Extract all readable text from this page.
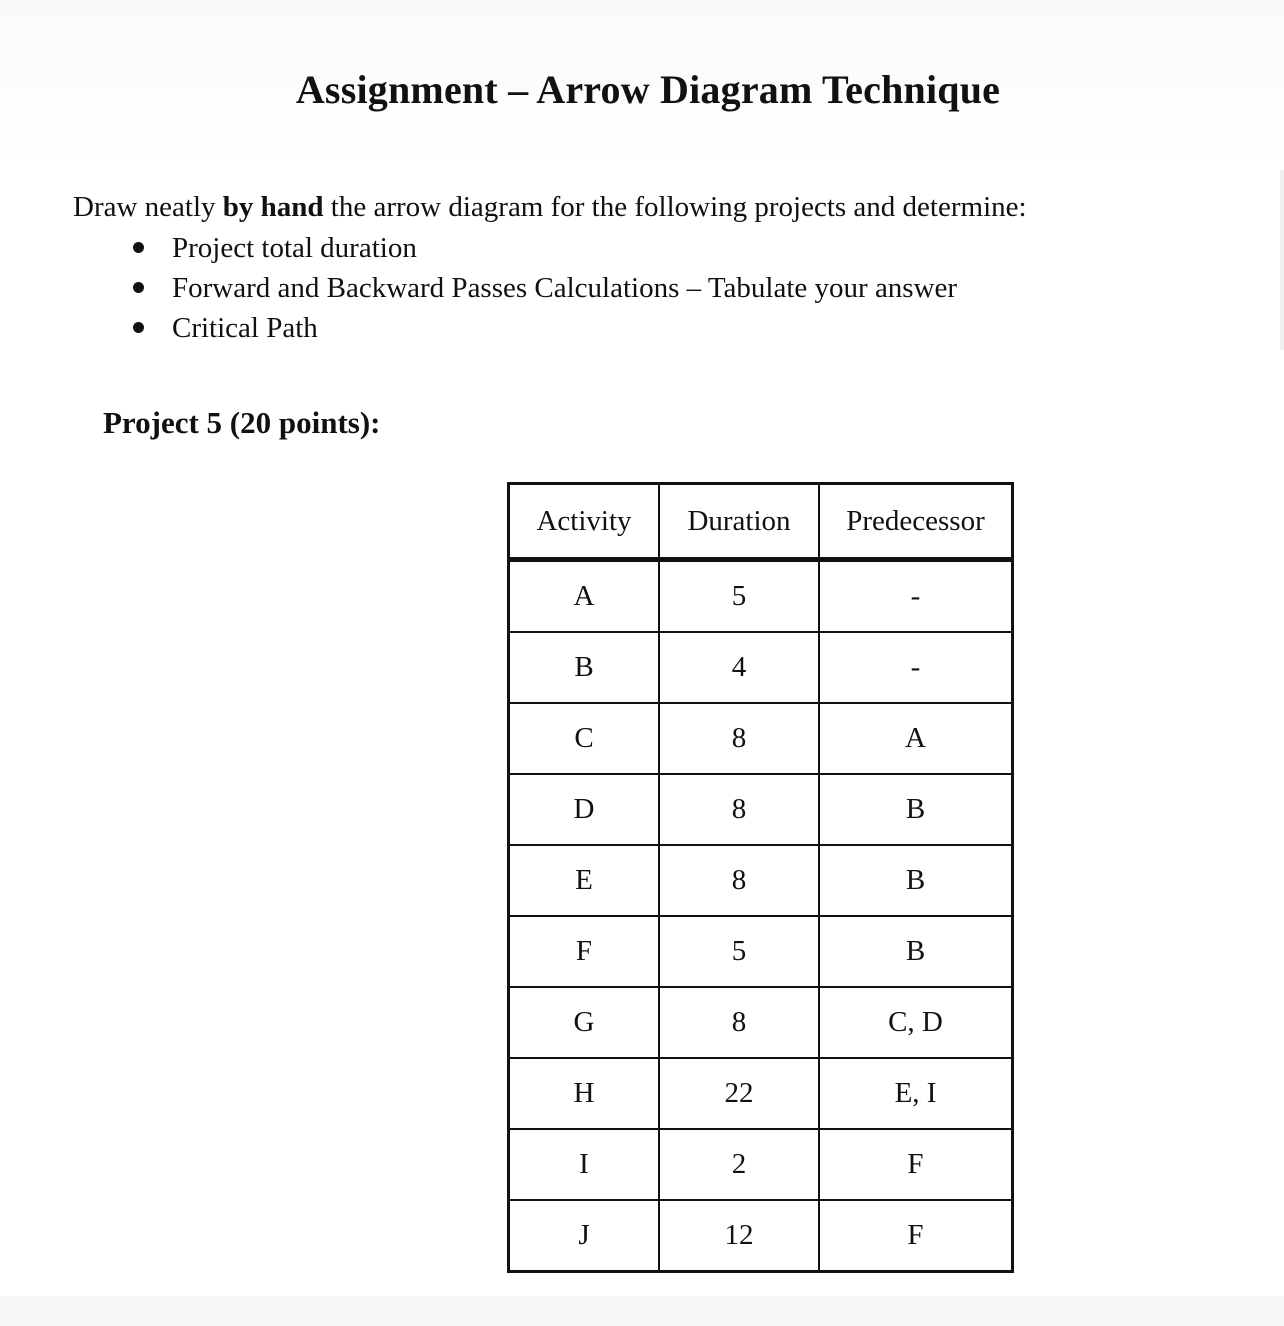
Assignment – Arrow Diagram Technique

Draw neatly by hand the arrow diagram for the following projects and determine:

Project total duration
Forward and Backward Passes Calculations – Tabulate your answer
Critical Path
Project 5 (20 points):
Activity	Duration	Predecessor
A	5	-
B	4	-
C	8	A
D	8	B
E	8	B
F	5	B
G	8	C, D
H	22	E, I
I	2	F
J	12	F
